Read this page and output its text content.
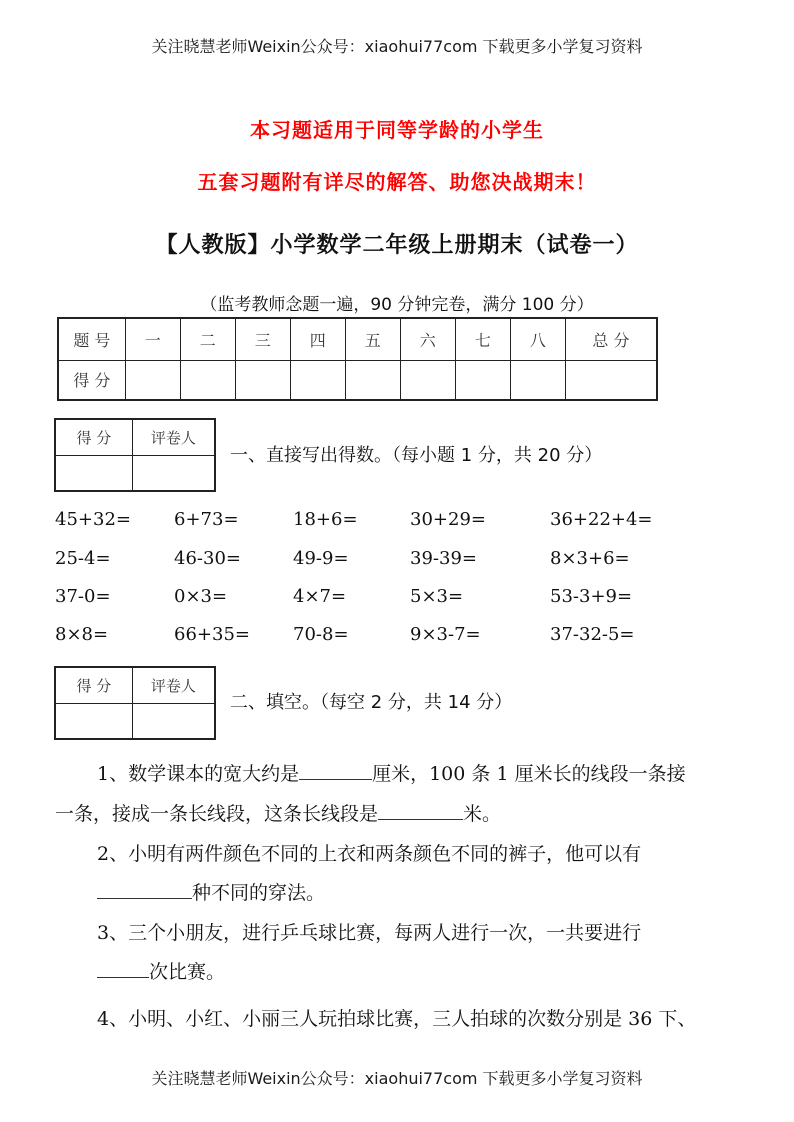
关注晓慧老师Weixin公众号：xiaohui77com 下载更多小学复习资料
本习题适用于同等学龄的小学生
五套习题附有详尽的解答、助您决战期末！
【人教版】小学数学二年级上册期末（试卷一）
（监考教师念题一遍，90 分钟完卷，满分 100 分）
题 号	一	二	三	四	五	六	七	八	总 分
得 分									
得 分	评卷人

一、直接写出得数。（每小题 1 分，共 20 分）
45+32= 6+73=	18+6=	30+29=	36+22+4=
25-4=	46-30=	49-9=	39-39=	8×3+6=
37-0=	0×3=	4×7=	5×3=	53-3+9=
8×8=	66+35= 70-8=	9×3-7=	37-32-5=
得 分	评卷人

二、填空。（每空 2 分，共 14 分）
1、数学课本的宽大约是	厘米，100 条 1 厘米长的线段一条接
一条，接成一条长线段，这条长线段是	米。
2、小明有两件颜色不同的上衣和两条颜色不同的裤子，他可以有
种不同的穿法。
3、三个小朋友，进行乒乓球比赛，每两人进行一次，一共要进行
次比赛。
4、小明、小红、小丽三人玩拍球比赛，三人拍球的次数分别是 36 下、
关注晓慧老师Weixin公众号：xiaohui77com 下载更多小学复习资料
